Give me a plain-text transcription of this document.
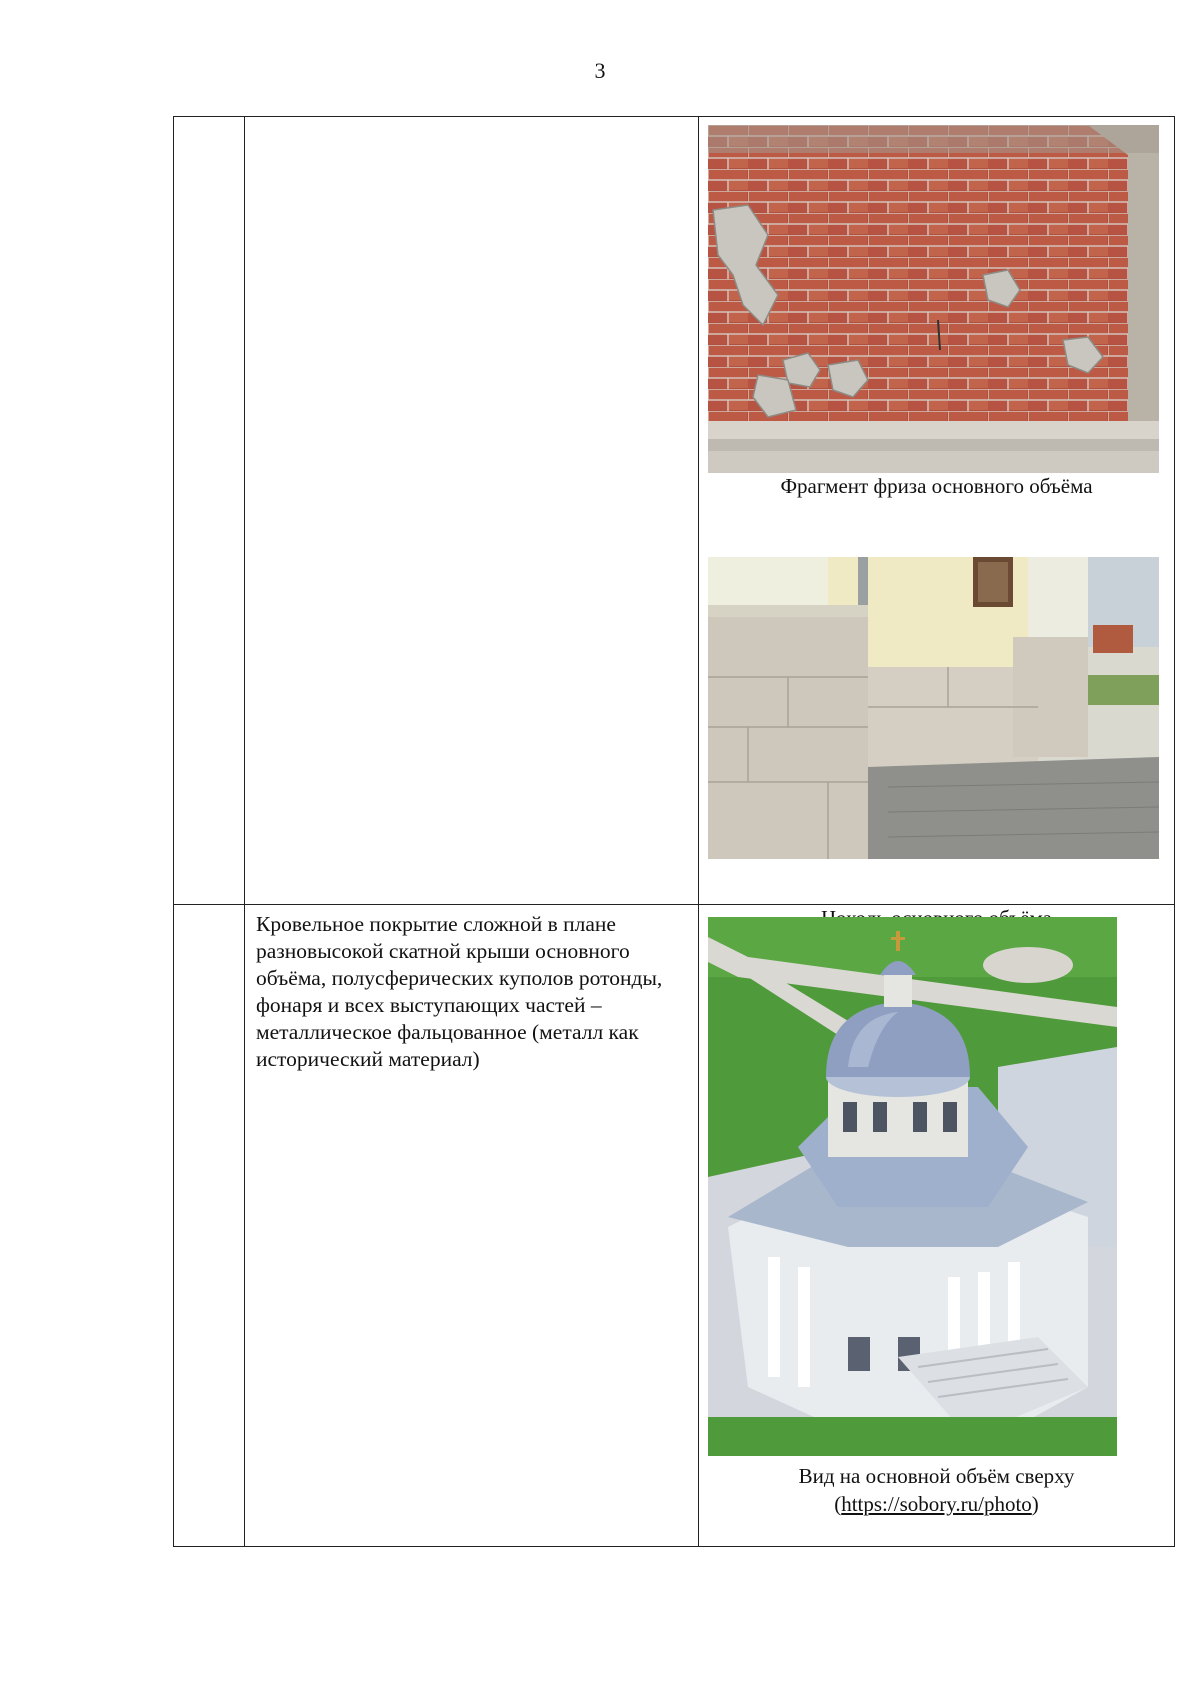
3

		Фрагмент фриза основного объёма

	Кровельное покрытие сложной в плане разновысокой скатной крыши основного объёма, полусферических куполов ротонды, фонаря и всех выступающих частей – металлическое фальцованное (металл как исторический материал)	Вид на основной объём сверху
(https://sobory.ru/photo)
